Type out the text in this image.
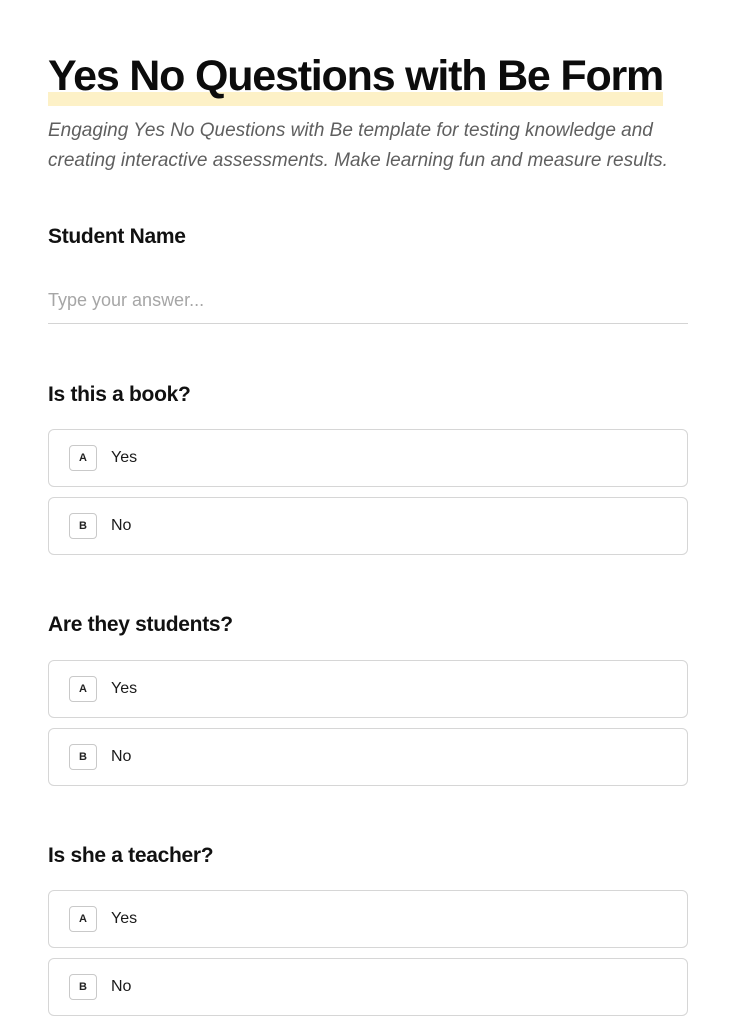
Yes No Questions with Be Form

Engaging Yes No Questions with Be template for testing knowledge and creating interactive assessments. Make learning fun and measure results.

Student Name
Type your answer...
Is this a book?
A	Yes
B	No
Are they students?
A	Yes
B	No
Is she a teacher?
A	Yes
B	No
